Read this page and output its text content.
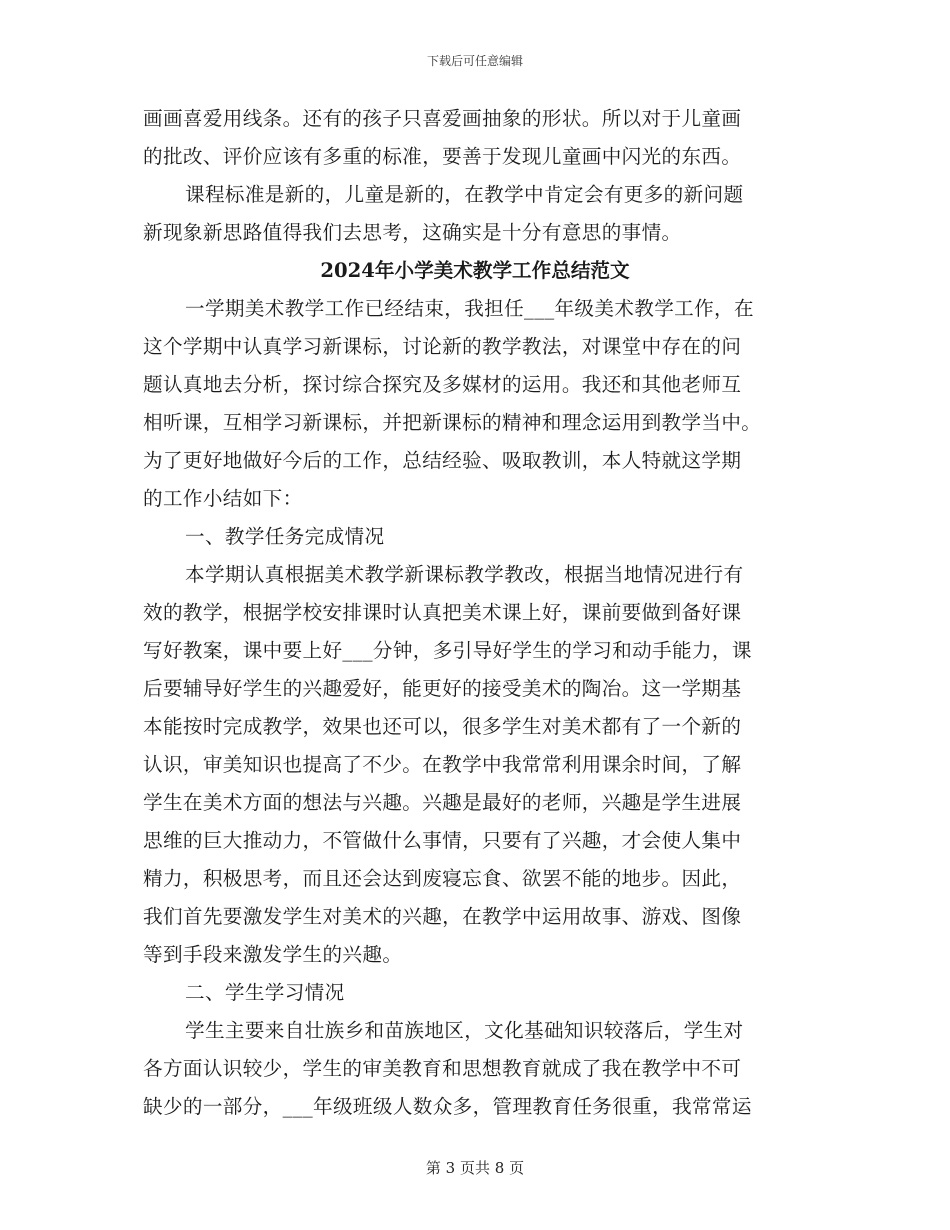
下载后可任意编辑
画画喜爱用线条。还有的孩子只喜爱画抽象的形状。所以对于儿童画
的批改、评价应该有多重的标准，要善于发现儿童画中闪光的东西。
课程标准是新的，儿童是新的，在教学中肯定会有更多的新问题
新现象新思路值得我们去思考，这确实是十分有意思的事情。
2024年小学美术教学工作总结范文
一学期美术教学工作已经结束，我担任___年级美术教学工作，在
这个学期中认真学习新课标，讨论新的教学教法，对课堂中存在的问
题认真地去分析，探讨综合探究及多媒材的运用。我还和其他老师互
相听课，互相学习新课标，并把新课标的精神和理念运用到教学当中。
为了更好地做好今后的工作，总结经验、吸取教训，本人特就这学期
的工作小结如下：
一、教学任务完成情况
本学期认真根据美术教学新课标教学教改，根据当地情况进行有
效的教学，根据学校安排课时认真把美术课上好，课前要做到备好课
写好教案，课中要上好___分钟，多引导好学生的学习和动手能力，课
后要辅导好学生的兴趣爱好，能更好的接受美术的陶冶。这一学期基
本能按时完成教学，效果也还可以，很多学生对美术都有了一个新的
认识，审美知识也提高了不少。在教学中我常常利用课余时间，了解
学生在美术方面的想法与兴趣。兴趣是最好的老师，兴趣是学生进展
思维的巨大推动力，不管做什么事情，只要有了兴趣，才会使人集中
精力，积极思考，而且还会达到废寝忘食、欲罢不能的地步。因此，
我们首先要激发学生对美术的兴趣，在教学中运用故事、游戏、图像
等到手段来激发学生的兴趣。
二、学生学习情况
学生主要来自壮族乡和苗族地区，文化基础知识较落后，学生对
各方面认识较少，学生的审美教育和思想教育就成了我在教学中不可
缺少的一部分，___年级班级人数众多，管理教育任务很重，我常常运
第 3 页共 8 页
